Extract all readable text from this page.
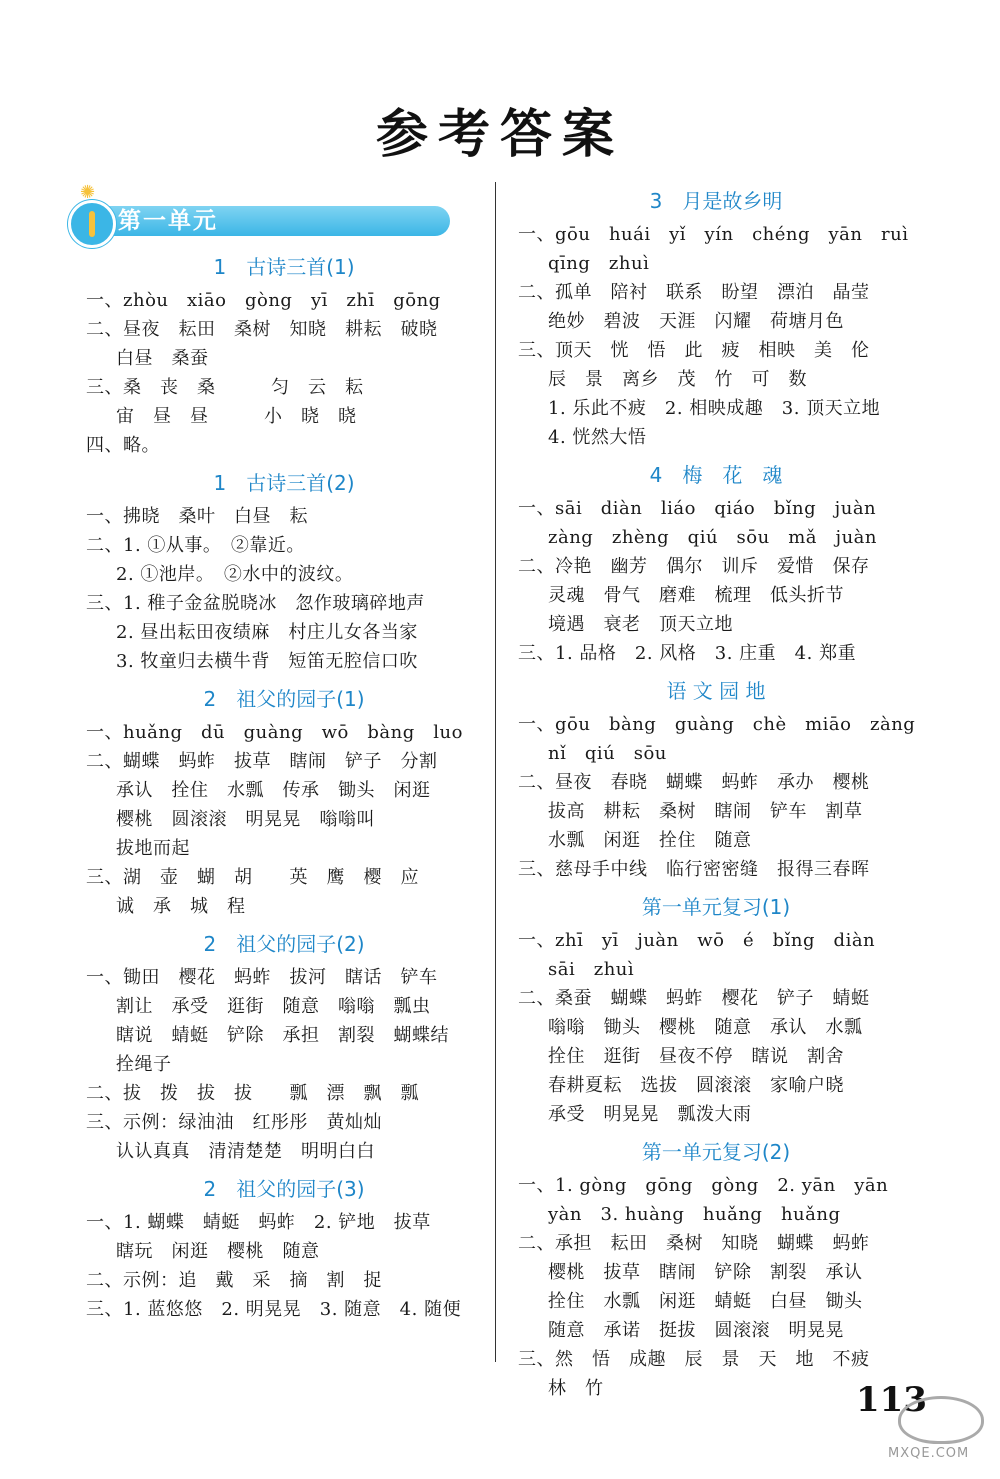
参考答案
✺
第一单元
1　古诗三首(1)
一、zhòu　xiāo　gòng　yī　zhī　gōng
二、昼夜　耘田　桑树　知晓　耕耘　破晓
白昼　桑蚕
三、桑　丧　桑　　　匀　云　耘
宙　昼　昼　　　小　晓　晓
四、略。
1　古诗三首(2)
一、拂晓　桑叶　白昼　耘
二、1. ①从事。　②靠近。
2. ①池岸。　②水中的波纹。
三、1. 稚子金盆脱晓冰　忽作玻璃碎地声
2. 昼出耘田夜绩麻　村庄儿女各当家
3. 牧童归去横牛背　短笛无腔信口吹
2　祖父的园子(1)
一、huǎng　dū　guàng　wō　bàng　luo
二、蝴蝶　蚂蚱　拔草　瞎闹　铲子　分割
承认　拴住　水瓢　传承　锄头　闲逛
樱桃　圆滚滚　明晃晃　嗡嗡叫
拔地而起
三、湖　壶　蝴　胡　　英　鹰　樱　应
诚　承　城　程
2　祖父的园子(2)
一、锄田　樱花　蚂蚱　拔河　瞎话　铲车
割让　承受　逛街　随意　嗡嗡　瓢虫
瞎说　蜻蜓　铲除　承担　割裂　蝴蝶结
拴绳子
二、拔　拨　拔　拔　　瓢　漂　飘　瓢
三、示例：绿油油　红彤彤　黄灿灿
认认真真　清清楚楚　明明白白
2　祖父的园子(3)
一、1. 蝴蝶　蜻蜓　蚂蚱　2. 铲地　拔草
瞎玩　闲逛　樱桃　随意
二、示例：追　戴　采　摘　割　捉
三、1. 蓝悠悠　2. 明晃晃　3. 随意　4. 随便
3　月是故乡明
一、gōu　huái　yǐ　yín　chéng　yān　ruì
qīng　zhuì
二、孤单　陪衬　联系　盼望　漂泊　晶莹
绝妙　碧波　天涯　闪耀　荷塘月色
三、顶天　恍　悟　此　疲　相映　美　伦
辰　景　离乡　茂　竹　可　数
1. 乐此不疲　2. 相映成趣　3. 顶天立地
4. 恍然大悟
4　梅　花　魂
一、sāi　diàn　liáo　qiáo　bǐng　juàn
zàng　zhèng　qiú　sōu　mǎ　juàn
二、冷艳　幽芳　偶尔　训斥　爱惜　保存
灵魂　骨气　磨难　梳理　低头折节
境遇　衰老　顶天立地
三、1. 品格　2. 风格　3. 庄重　4. 郑重
语 文 园 地
一、gōu　bàng　guàng　chè　miāo　zàng
nǐ　qiú　sōu
二、昼夜　春晓　蝴蝶　蚂蚱　承办　樱桃
拔高　耕耘　桑树　瞎闹　铲车　割草
水瓢　闲逛　拴住　随意
三、慈母手中线　临行密密缝　报得三春晖
第一单元复习(1)
一、zhī　yī　juàn　wō　é　bǐng　diàn
sāi　zhuì
二、桑蚕　蝴蝶　蚂蚱　樱花　铲子　蜻蜓
嗡嗡　锄头　樱桃　随意　承认　水瓢
拴住　逛街　昼夜不停　瞎说　割舍
春耕夏耘　选拔　圆滚滚　家喻户晓
承受　明晃晃　瓢泼大雨
第一单元复习(2)
一、1. gòng　gōng　gòng　2. yān　yān
yàn　3. huàng　huǎng　huǎng
二、承担　耘田　桑树　知晓　蝴蝶　蚂蚱
樱桃　拔草　瞎闹　铲除　割裂　承认
拴住　水瓢　闲逛　蜻蜓　白昼　锄头
随意　承诺　挺拔　圆滚滚　明晃晃
三、然　悟　成趣　辰　景　天　地　不疲
林　竹	113
MXQE.COM
